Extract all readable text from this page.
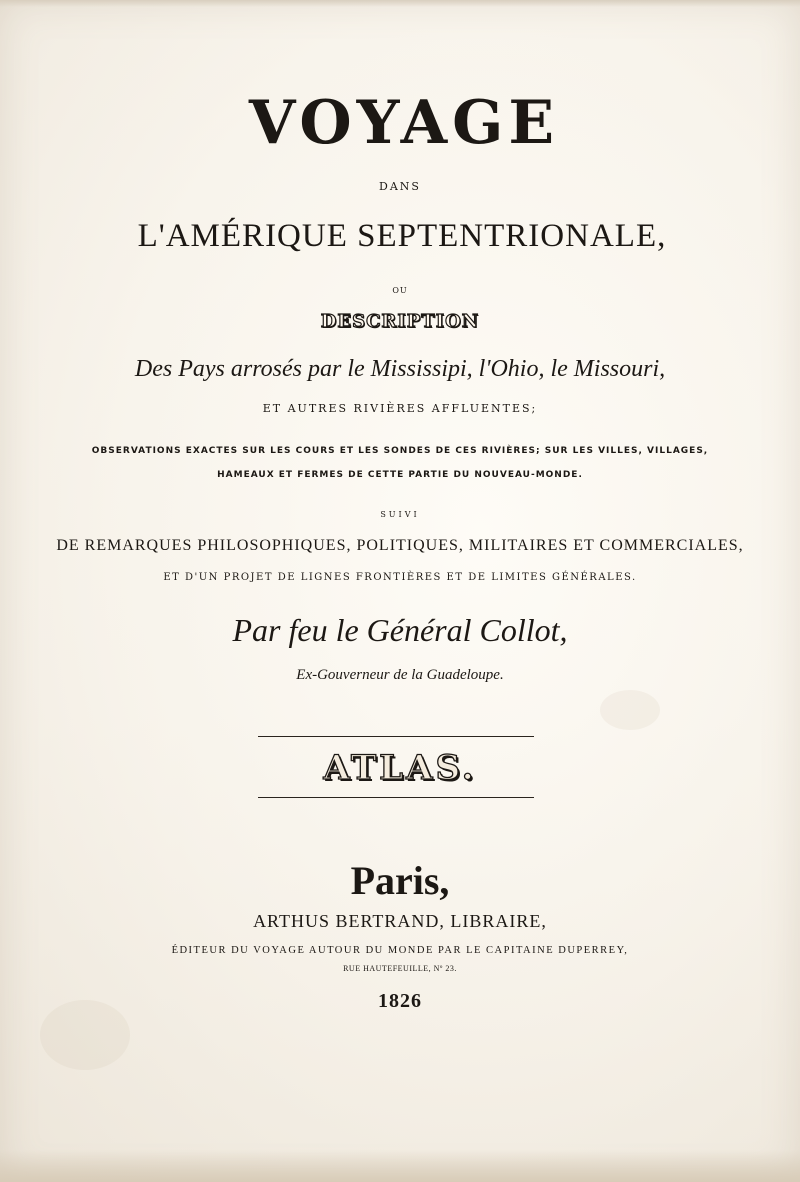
VOYAGE
DANS
L'AMÉRIQUE SEPTENTRIONALE,
OU
DESCRIPTION
Des Pays arrosés par le Mississipi, l'Ohio, le Missouri,
ET AUTRES RIVIÈRES AFFLUENTES;
OBSERVATIONS EXACTES SUR LES COURS ET LES SONDES DE CES RIVIÈRES; SUR LES VILLES, VILLAGES,
HAMEAUX ET FERMES DE CETTE PARTIE DU NOUVEAU-MONDE.
SUIVI
DE REMARQUES PHILOSOPHIQUES, POLITIQUES, MILITAIRES ET COMMERCIALES,
ET D'UN PROJET DE LIGNES FRONTIÈRES ET DE LIMITES GÉNÉRALES.
Par feu le Général Collot,
Ex-Gouverneur de la Guadeloupe.
ATLAS.
Paris,
ARTHUS BERTRAND, LIBRAIRE,
ÉDITEUR DU VOYAGE AUTOUR DU MONDE PAR LE CAPITAINE DUPERREY,
RUE HAUTEFEUILLE, Nº 23.
1826
